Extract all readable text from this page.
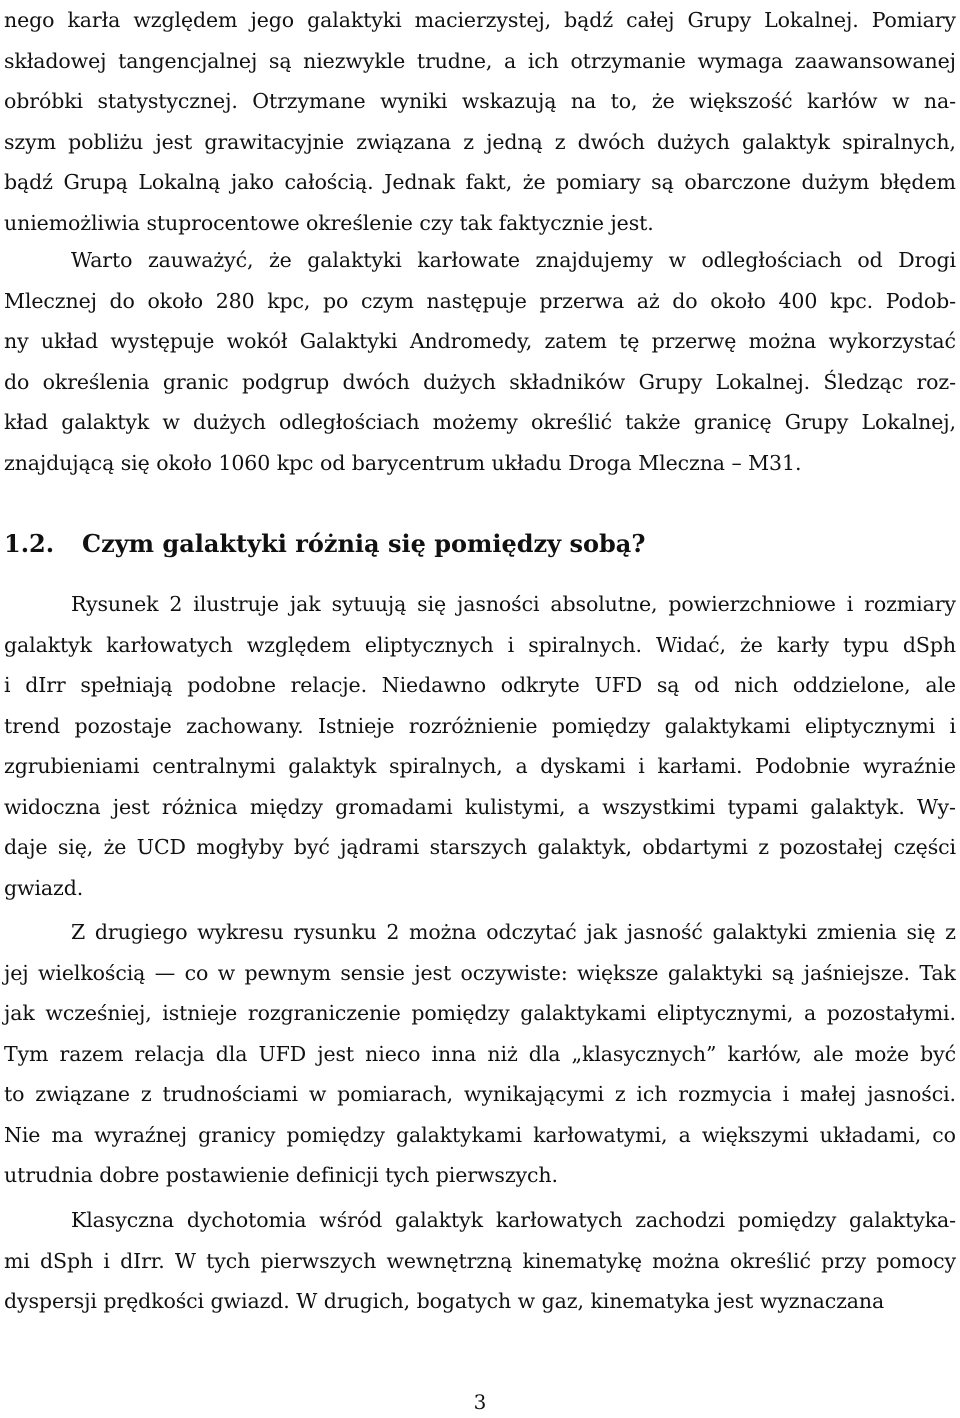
nego karła względem jego galaktyki macierzystej, bądź całej Grupy Lokalnej. Pomiary
składowej tangencjalnej są niezwykle trudne, a ich otrzymanie wymaga zaawansowanej
obróbki statystycznej. Otrzymane wyniki wskazują na to, że większość karłów w na-
szym pobliżu jest grawitacyjnie związana z jedną z dwóch dużych galaktyk spiralnych,
bądź Grupą Lokalną jako całością. Jednak fakt, że pomiary są obarczone dużym błędem
uniemożliwia stuprocentowe określenie czy tak faktycznie jest.
Warto zauważyć, że galaktyki karłowate znajdujemy w odległościach od Drogi
Mlecznej do około 280 kpc, po czym następuje przerwa aż do około 400 kpc. Podob-
ny układ występuje wokół Galaktyki Andromedy, zatem tę przerwę można wykorzystać
do określenia granic podgrup dwóch dużych składników Grupy Lokalnej. Śledząc roz-
kład galaktyk w dużych odległościach możemy określić także granicę Grupy Lokalnej,
znajdującą się około 1060 kpc od barycentrum układu Droga Mleczna – M31.
1.2. Czym galaktyki różnią się pomiędzy sobą?
Rysunek 2 ilustruje jak sytuują się jasności absolutne, powierzchniowe i rozmiary
galaktyk karłowatych względem eliptycznych i spiralnych. Widać, że karły typu dSph
i dIrr spełniają podobne relacje. Niedawno odkryte UFD są od nich oddzielone, ale
trend pozostaje zachowany. Istnieje rozróżnienie pomiędzy galaktykami eliptycznymi i
zgrubieniami centralnymi galaktyk spiralnych, a dyskami i karłami. Podobnie wyraźnie
widoczna jest różnica między gromadami kulistymi, a wszystkimi typami galaktyk. Wy-
daje się, że UCD mogłyby być jądrami starszych galaktyk, obdartymi z pozostałej części
gwiazd.
Z drugiego wykresu rysunku 2 można odczytać jak jasność galaktyki zmienia się z
jej wielkością — co w pewnym sensie jest oczywiste: większe galaktyki są jaśniejsze. Tak
jak wcześniej, istnieje rozgraniczenie pomiędzy galaktykami eliptycznymi, a pozostałymi.
Tym razem relacja dla UFD jest nieco inna niż dla „klasycznych” karłów, ale może być
to związane z trudnościami w pomiarach, wynikającymi z ich rozmycia i małej jasności.
Nie ma wyraźnej granicy pomiędzy galaktykami karłowatymi, a większymi układami, co
utrudnia dobre postawienie definicji tych pierwszych.
Klasyczna dychotomia wśród galaktyk karłowatych zachodzi pomiędzy galaktyka-
mi dSph i dIrr. W tych pierwszych wewnętrzną kinematykę można określić przy pomocy
dyspersji prędkości gwiazd. W drugich, bogatych w gaz, kinematyka jest wyznaczana
3
